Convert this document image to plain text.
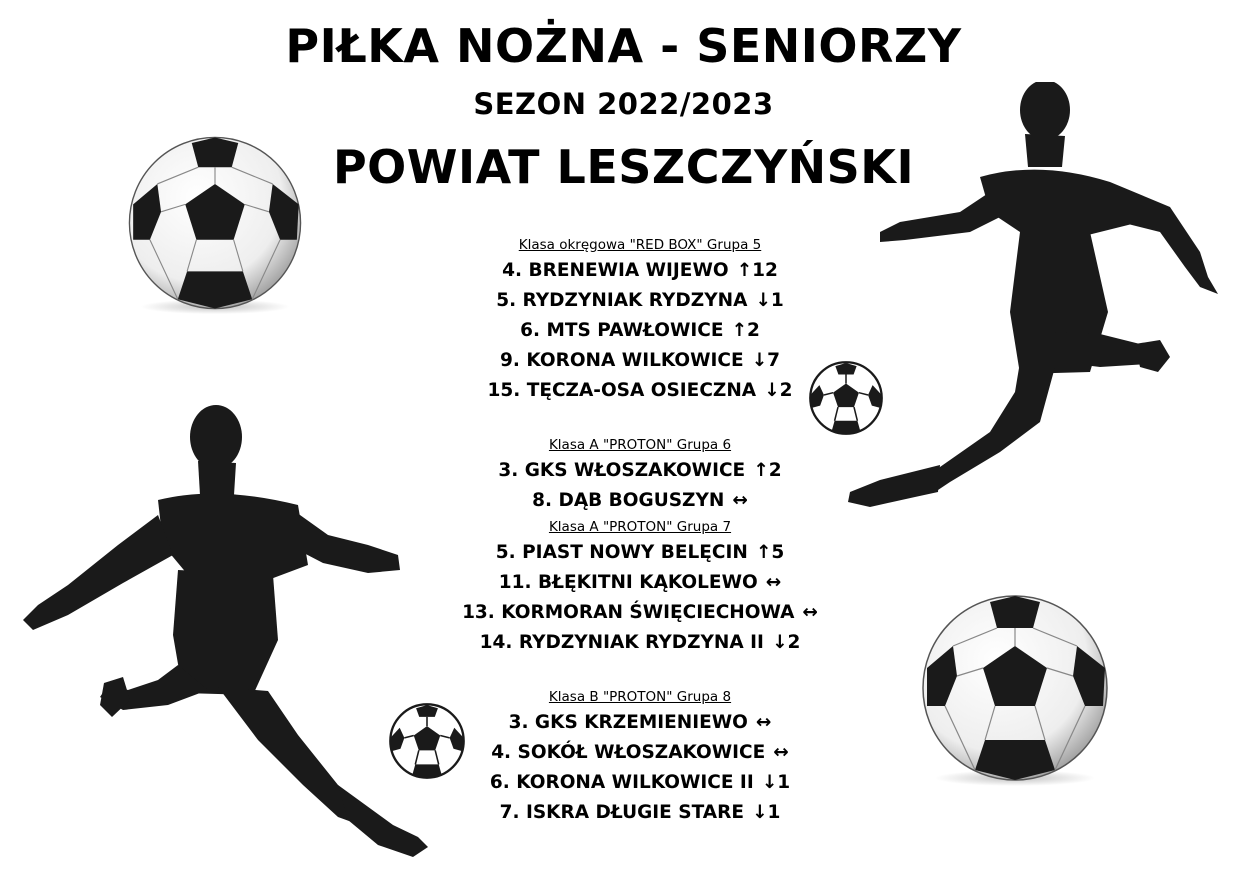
PIŁKA NOŻNA - SENIORZY
SEZON 2022/2023
POWIAT LESZCZYŃSKI
Klasa okręgowa "RED BOX" Grupa 5
4. BRENEWIA WIJEWO ↑12
5. RYDZYNIAK RYDZYNA ↓1
6. MTS PAWŁOWICE ↑2
9. KORONA WILKOWICE ↓7
15. TĘCZA-OSA OSIECZNA ↓2
Klasa A "PROTON" Grupa 6
3. GKS WŁOSZAKOWICE ↑2
8. DĄB BOGUSZYN ↔
Klasa A "PROTON" Grupa 7
5. PIAST NOWY BELĘCIN ↑5
11. BŁĘKITNI KĄKOLEWO ↔
13. KORMORAN ŚWIĘCIECHOWA ↔
14. RYDZYNIAK RYDZYNA II ↓2
Klasa B "PROTON" Grupa 8
3. GKS KRZEMIENIEWO ↔
4. SOKÓŁ WŁOSZAKOWICE ↔
6. KORONA WILKOWICE II ↓1
7. ISKRA DŁUGIE STARE ↓1
